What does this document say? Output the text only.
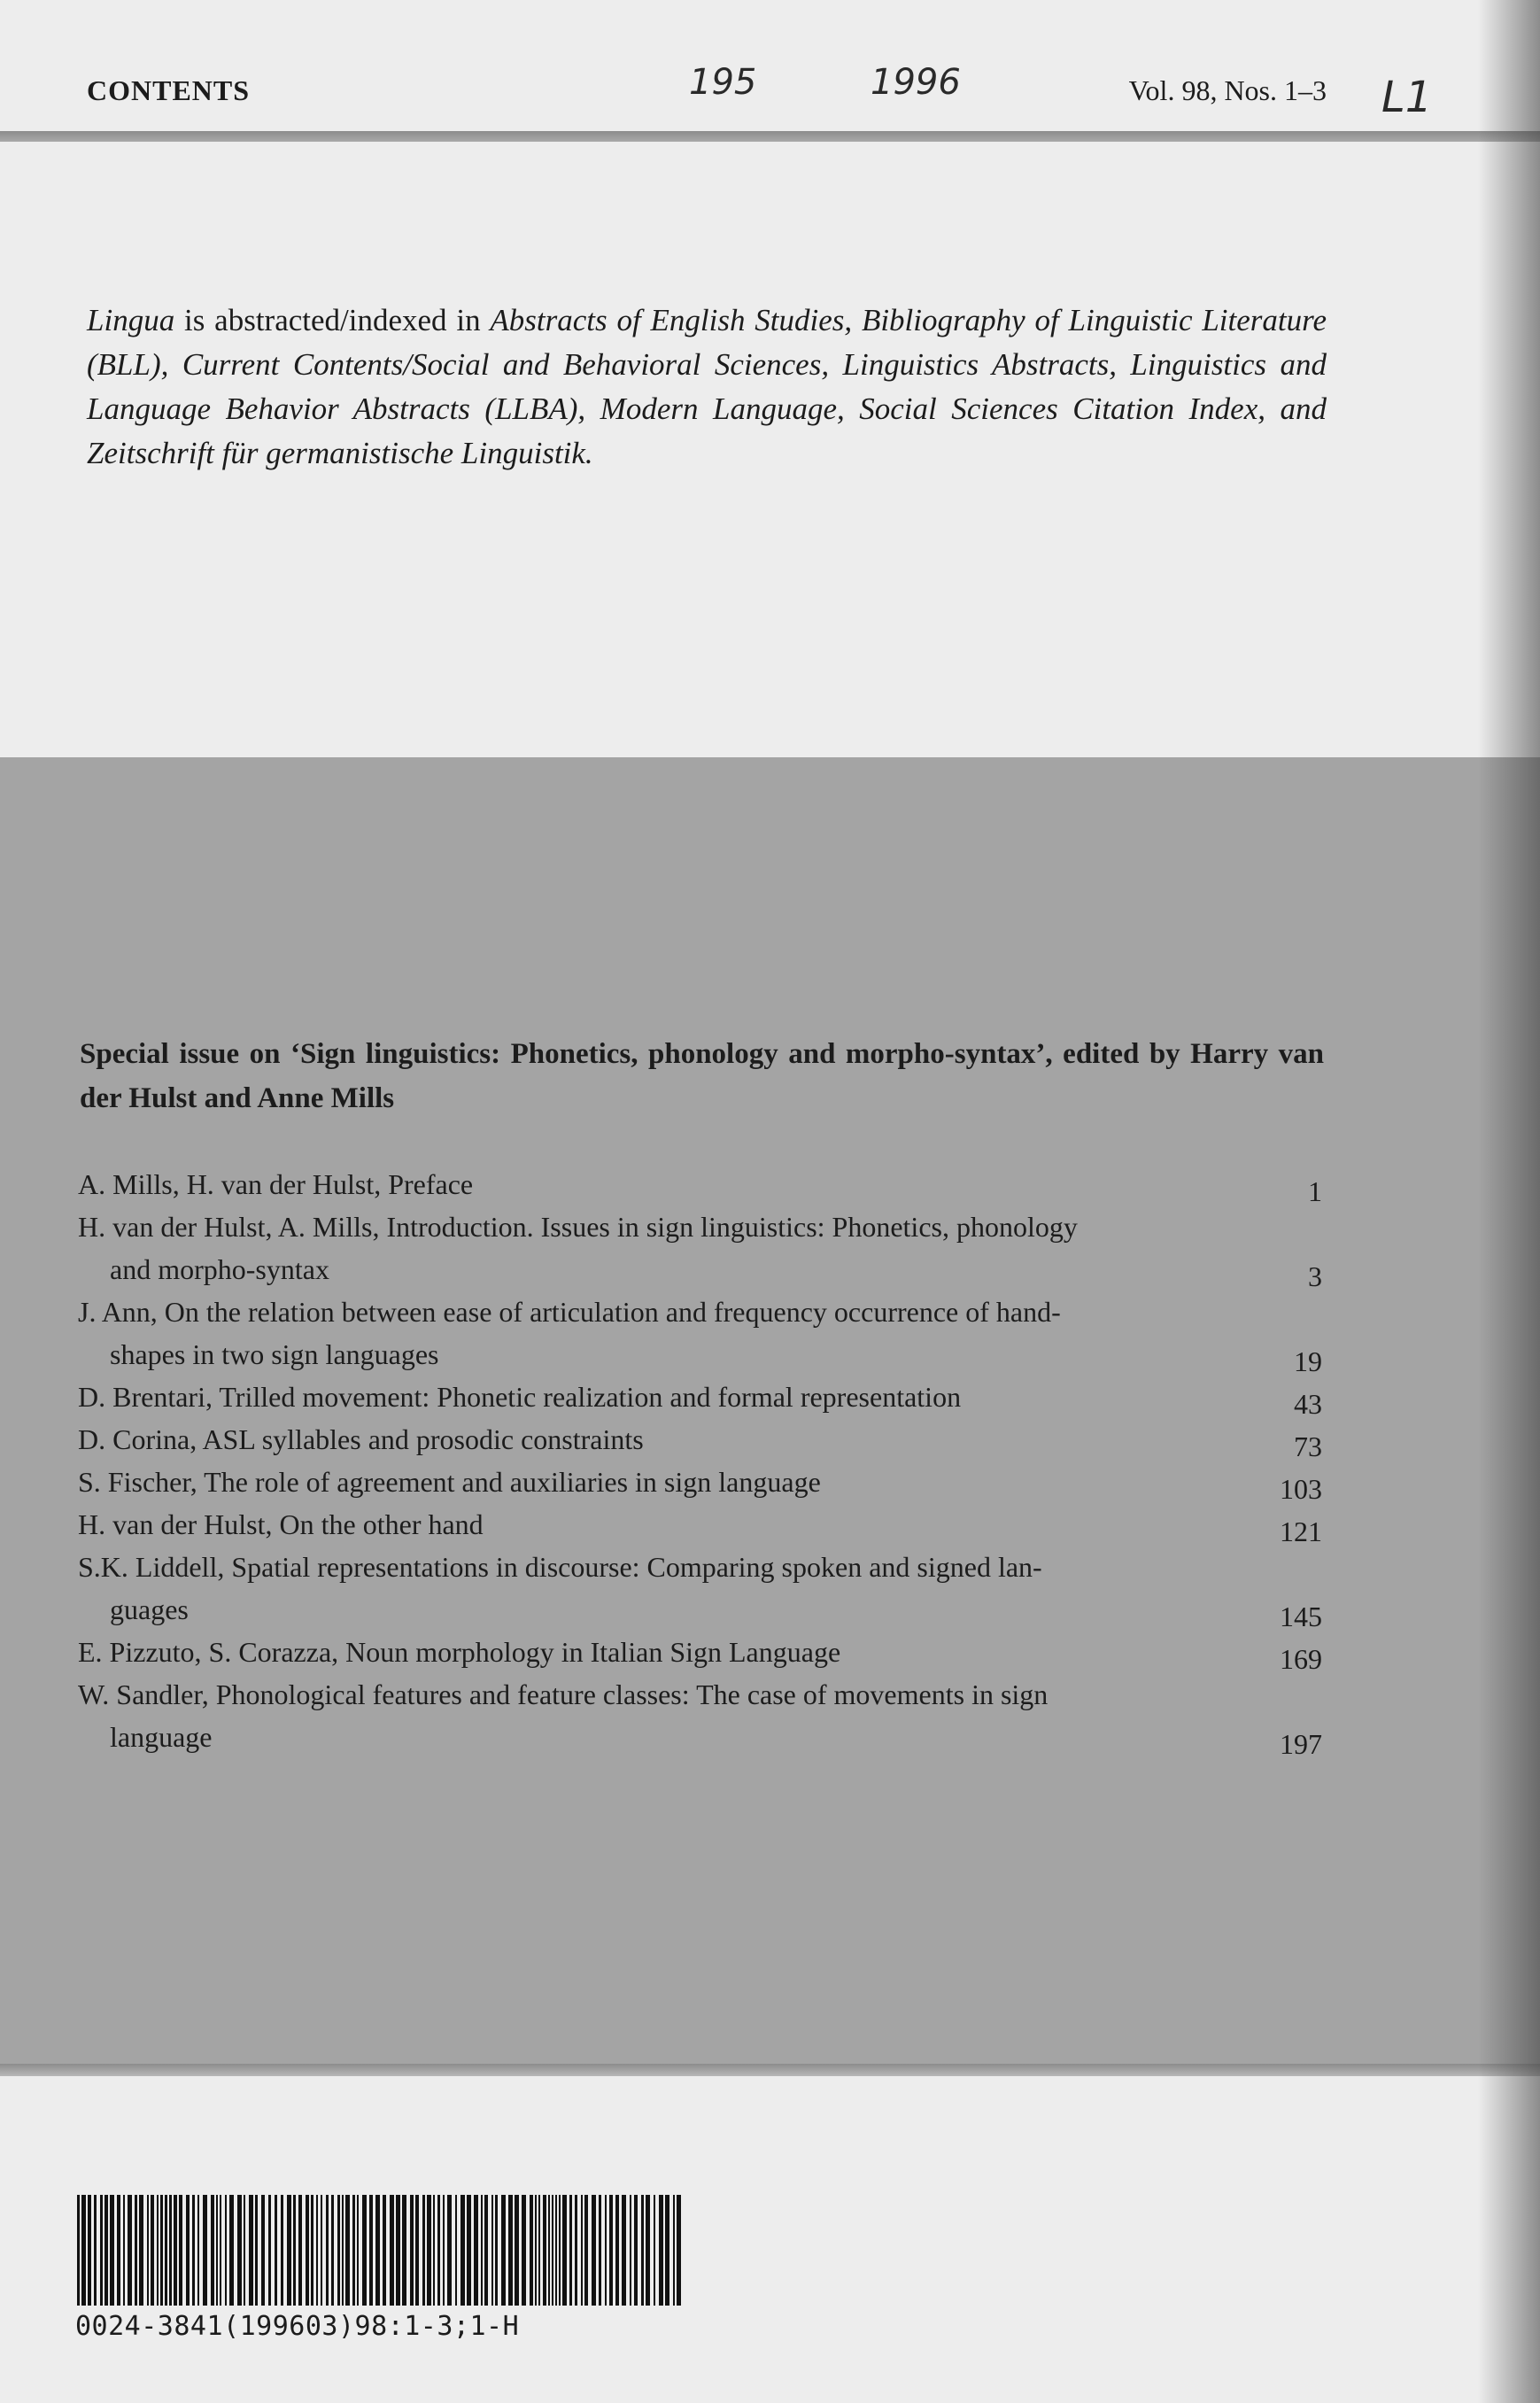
CONTENTS	Vol. 98, Nos. 1–3
195	1996	L1

Lingua is abstracted/indexed in Abstracts of English Studies, Bibliography of Linguistic Literature (BLL), Current Contents/Social and Behavioral Sciences, Linguistics Abstracts, Linguistics and Language Behavior Abstracts (LLBA), Modern Language, Social Sciences Citation Index, and Zeitschrift für germanistische Linguistik.

Special issue on ‘Sign linguistics: Phonetics, phonology and morpho-syntax’, edited by Harry van der Hulst and Anne Mills
A. Mills, H. van der Hulst, Preface	1
H. van der Hulst, A. Mills, Introduction. Issues in sign linguistics: Phonetics, phonology
and morpho-syntax	3
J. Ann, On the relation between ease of articulation and frequency occurrence of hand-
shapes in two sign languages	19
D. Brentari, Trilled movement: Phonetic realization and formal representation	43
D. Corina, ASL syllables and prosodic constraints	73
S. Fischer, The role of agreement and auxiliaries in sign language	103
H. van der Hulst, On the other hand	121
S.K. Liddell, Spatial representations in discourse: Comparing spoken and signed lan-
guages	145
E. Pizzuto, S. Corazza, Noun morphology in Italian Sign Language	169
W. Sandler, Phonological features and feature classes: The case of movements in sign
language	197
0024-3841(199603)98:1-3;1-H
